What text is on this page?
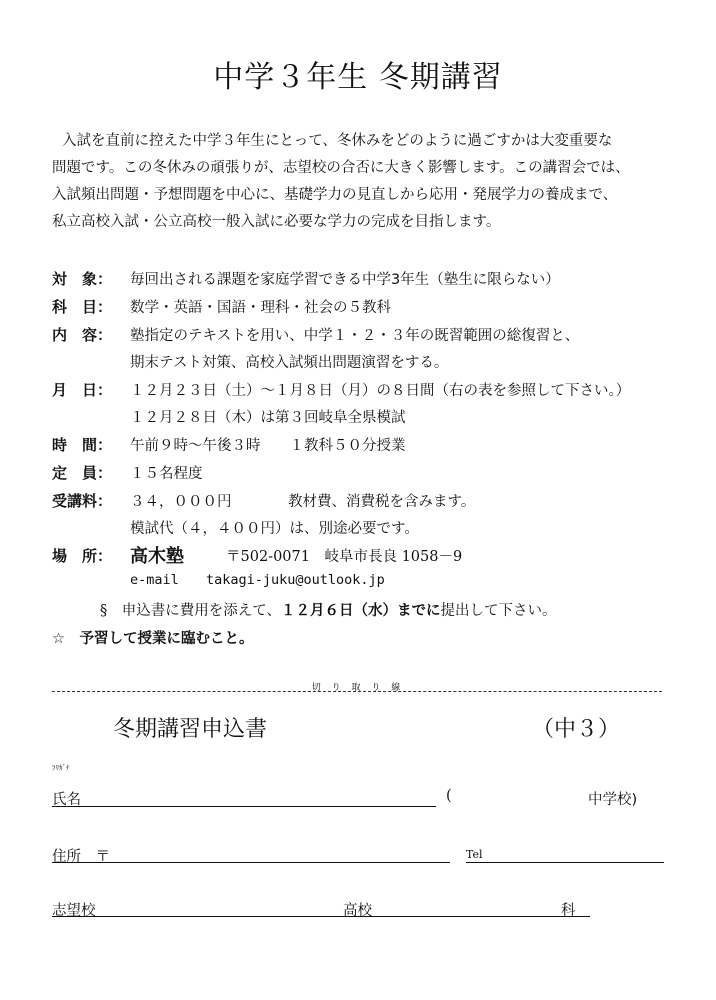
中学３年生 冬期講習
入試を直前に控えた中学３年生にとって、冬休みをどのように過ごすかは大変重要な
問題です。この冬休みの頑張りが、志望校の合否に大きく影響します。この講習会では、
入試頻出問題・予想問題を中心に、基礎学力の見直しから応用・発展学力の養成まで、
私立高校入試・公立高校一般入試に必要な学力の完成を目指します。
対　象： 毎回出される課題を家庭学習できる中学3年生（塾生に限らない）
科　目： 数学・英語・国語・理科・社会の５教科
内　容： 塾指定のテキストを用い、中学１・２・３年の既習範囲の総復習と、
期末テスト対策、高校入試頻出問題演習をする。
月　日： １２月２３日（土）～１月８日（月）の８日間（右の表を参照して下さい。）
１２月２８日（木）は第３回岐阜全県模試
時　間： 午前９時～午後３時　　１教科５０分授業
定　員： １５名程度
受講料： ３４，０００円	教材費、消費税を含みます。
模試代（４，４００円）は、別途必要です。
場　所： 高木塾	〒502-0071　岐阜市長良 1058－9
e-mail takagi-juku@outlook.jp
§　 申込書に費用を添えて、１２月６日（水）までに提出して下さい。
☆　 予習して授業に臨むこと。
切 り 取 り 線
冬期講習申込書	（中３）
ﾌﾘｶﾞﾅ
氏名	(	中学校)
住所　〒	Tel
志望校	高校	科
